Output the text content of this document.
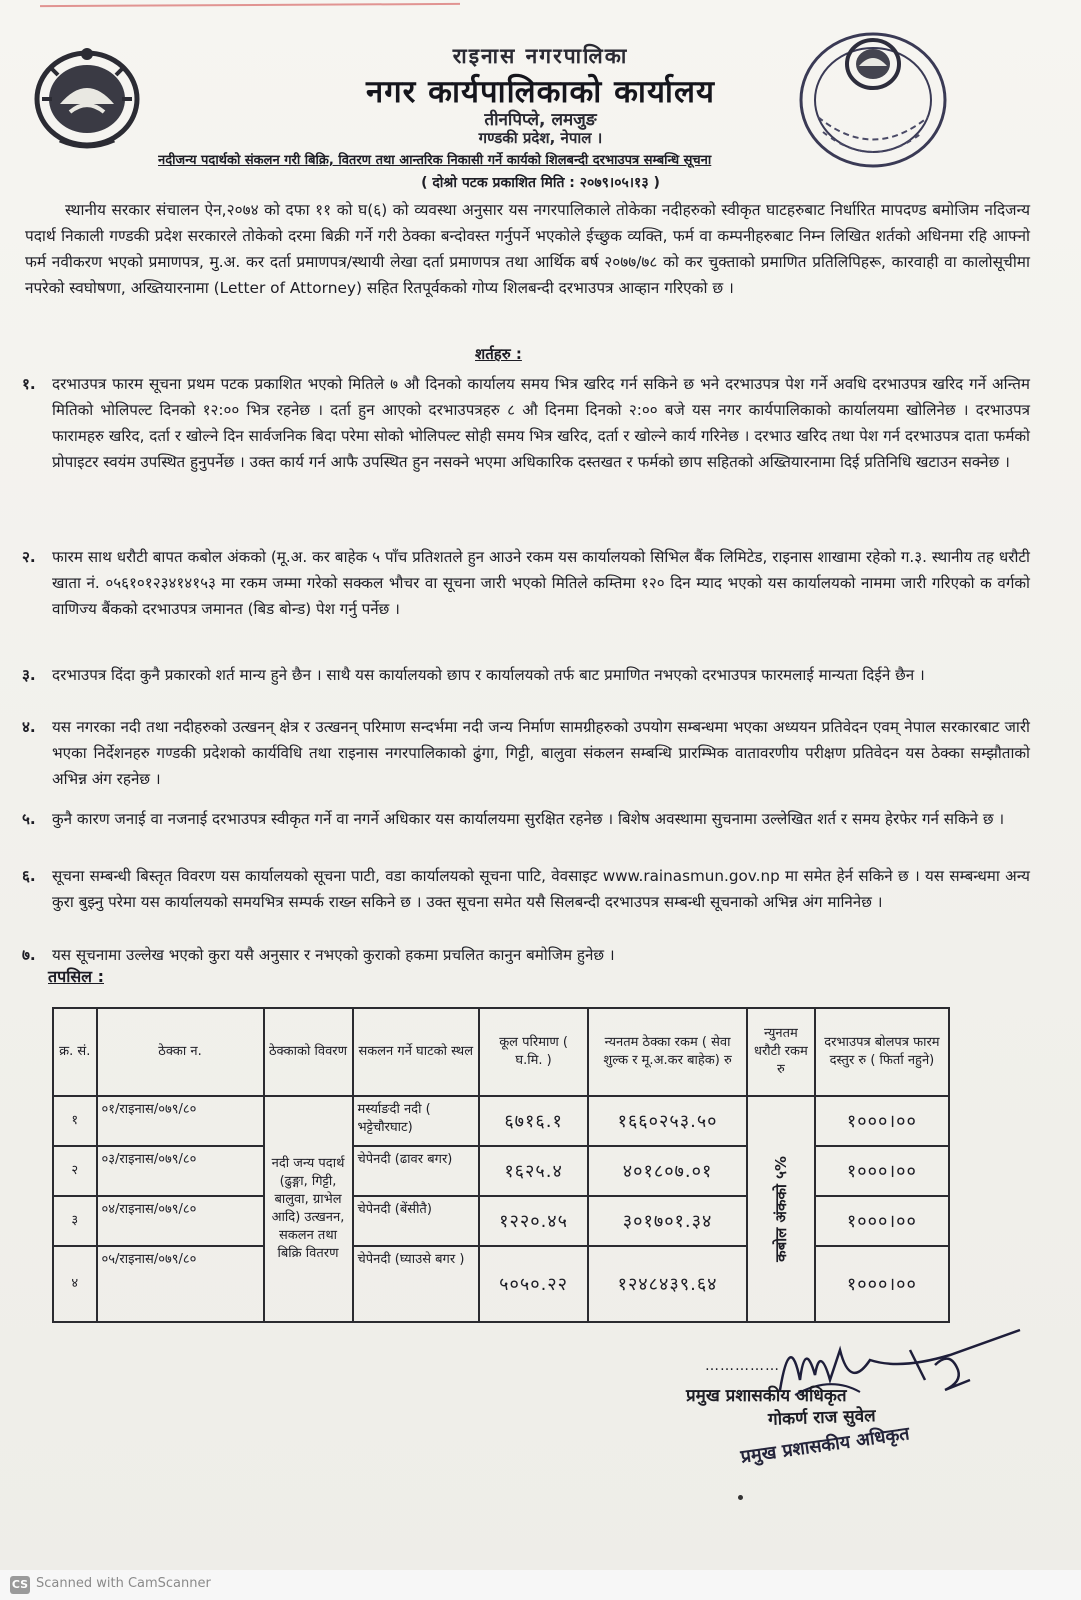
राइनास नगरपालिका
नगर कार्यपालिकाको कार्यालय
तीनपिप्ले, लमजुङ
गण्डकी प्रदेश, नेपाल ।
नदीजन्य पदार्थको संकलन गरी बिक्रि, वितरण तथा आन्तरिक निकासी गर्ने कार्यको शिलबन्दी दरभाउपत्र सम्बन्धि सूचना
( दोश्रो पटक प्रकाशित मिति : २०७९।०५।१३ )
स्थानीय सरकार संचालन ऐन,२०७४ को दफा ११ को घ(६) को व्यवस्था अनुसार यस नगरपालिकाले तोकेका नदीहरुको स्वीकृत घाटहरुबाट निर्धारित मापदण्ड बमोजिम नदिजन्य पदार्थ निकाली गण्डकी प्रदेश सरकारले तोकेको दरमा बिक्री गर्ने गरी ठेक्का बन्दोवस्त गर्नुपर्ने भएकोले ईच्छुक व्यक्ति, फर्म वा कम्पनीहरुबाट निम्न लिखित शर्तको अधिनमा रहि आफ्नो फर्म नवीकरण भएको प्रमाणपत्र, मु.अ. कर दर्ता प्रमाणपत्र/स्थायी लेखा दर्ता प्रमाणपत्र तथा आर्थिक बर्ष २०७७/७८ को कर चुक्ताको प्रमाणित प्रतिलिपिहरू, कारवाही वा कालोसूचीमा नपरेको स्वघोषणा, अख्तियारनामा (Letter of Attorney) सहित रितपूर्वकको गोप्य शिलबन्दी दरभाउपत्र आव्हान गरिएको छ ।
शर्तहरु :
१.	दरभाउपत्र फारम सूचना प्रथम पटक प्रकाशित भएको मितिले ७ औ दिनको कार्यालय समय भित्र खरिद गर्न सकिने छ भने दरभाउपत्र पेश गर्ने अवधि दरभाउपत्र खरिद गर्ने अन्तिम मितिको भोलिपल्ट दिनको १२:०० भित्र रहनेछ । दर्ता हुन आएको दरभाउपत्रहरु ८ औ दिनमा दिनको २:०० बजे यस नगर कार्यपालिकाको कार्यालयमा खोलिनेछ । दरभाउपत्र फारामहरु खरिद, दर्ता र खोल्ने दिन सार्वजनिक बिदा परेमा सोको भोलिपल्ट सोही समय भित्र खरिद, दर्ता र खोल्ने कार्य गरिनेछ । दरभाउ खरिद तथा पेश गर्न दरभाउपत्र दाता फर्मको प्रोपाइटर स्वयंम उपस्थित हुनुपर्नेछ । उक्त कार्य गर्न आफै उपस्थित हुन नसक्ने भएमा अधिकारिक दस्तखत र फर्मको छाप सहितको अख्तियारनामा दिई प्रतिनिधि खटाउन सक्नेछ ।
२.	फारम साथ धरौटी बापत कबोल अंकको (मू.अ. कर बाहेक ५ पाँच प्रतिशतले हुन आउने रकम यस कार्यालयको सिभिल बैंक लिमिटेड, राइनास शाखामा रहेको ग.३. स्थानीय तह धरौटी खाता नं. ०५६१०१२३४१४१५३ मा रकम जम्मा गरेको सक्कल भौचर वा सूचना जारी भएको मितिले कम्तिमा १२० दिन म्याद भएको यस कार्यालयको नाममा जारी गरिएको क वर्गको वाणिज्य बैंकको दरभाउपत्र जमानत (बिड बोन्ड) पेश गर्नु पर्नेछ ।
३.	दरभाउपत्र दिंदा कुनै प्रकारको शर्त मान्य हुने छैन । साथै यस कार्यालयको छाप र कार्यालयको तर्फ बाट प्रमाणित नभएको दरभाउपत्र फारमलाई मान्यता दिईने छैन ।
४.	यस नगरका नदी तथा नदीहरुको उत्खनन् क्षेत्र र उत्खनन् परिमाण सन्दर्भमा नदी जन्य निर्माण सामग्रीहरुको उपयोग सम्बन्धमा भएका अध्ययन प्रतिवेदन एवम् नेपाल सरकारबाट जारी भएका निर्देशनहरु गण्डकी प्रदेशको कार्यविधि तथा राइनास नगरपालिकाको ढुंगा, गिट्टी, बालुवा संकलन सम्बन्धि प्रारम्भिक वातावरणीय परीक्षण प्रतिवेदन यस ठेक्का सम्झौताको अभिन्न अंग रहनेछ ।
५.	कुनै कारण जनाई वा नजनाई दरभाउपत्र स्वीकृत गर्ने वा नगर्ने अधिकार यस कार्यालयमा सुरक्षित रहनेछ । बिशेष अवस्थामा सुचनामा उल्लेखित शर्त र समय हेरफेर गर्न सकिने छ ।
६.	सूचना सम्बन्धी बिस्तृत विवरण यस कार्यालयको सूचना पाटी, वडा कार्यालयको सूचना पाटि, वेवसाइट www.rainasmun.gov.np मा समेत हेर्न सकिने छ । यस सम्बन्धमा अन्य कुरा बुझ्नु परेमा यस कार्यालयको समयभित्र सम्पर्क राख्न सकिने छ । उक्त सूचना समेत यसै सिलबन्दी दरभाउपत्र सम्बन्धी सूचनाको अभिन्न अंग मानिनेछ ।
७.	यस सूचनामा उल्लेख भएको कुरा यसै अनुसार र नभएको कुराको हकमा प्रचलित कानुन बमोजिम हुनेछ ।
तपसिल :
क्र. सं.	ठेक्का न.	ठेक्काको विवरण	सकलन गर्ने घाटको स्थल	कूल परिमाण ( घ.मि. )	न्यनतम ठेक्का रकम ( सेवा शुल्क र मू.अ.कर बाहेक) रु	न्युनतम धरौटी रकम रु	दरभाउपत्र बोलपत्र फारम दस्तुर रु ( फिर्ता नहुने)
१	०१/राइनास/०७९/८०	नदी जन्य पदार्थ (ढुङ्गा, गिट्टी, बालुवा, ग्राभेल आदि) उत्खनन, सकलन तथा बिक्रि वितरण	मर्स्याङदी नदी ( भट्टेचौरघाट)	६७१६.१	१६६०२५३.५०	कबोल अंकको ५%	१०००।००
२	०३/राइनास/०७९/८०		चेपेनदी (ढावर बगर)	१६२५.४	४०१८०७.०१		१०००।००
३	०४/राइनास/०७९/८०		चेपेनदी (बेंसीतै)	१२२०.४५	३०१७०१.३४		१०००।००
४	०५/राइनास/०७९/८०		चेपेनदी (घ्याउसे बगर )	५०५०.२२	१२४८४३९.६४		१०००।००
……………
प्रमुख प्रशासकीय अधिकृत
गोकर्ण राज सुवेल
प्रमुख प्रशासकीय अधिकृत
CS Scanned with CamScanner
